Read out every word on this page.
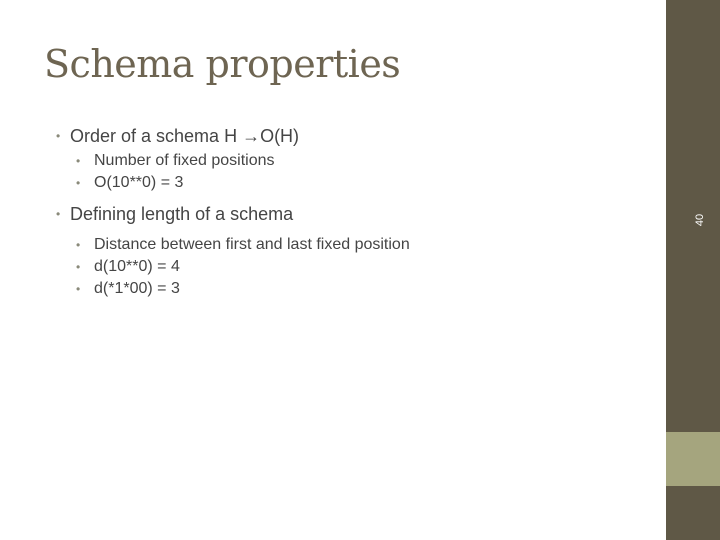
Schema properties
• Order of a schema H →O(H)
• Number of fixed positions
• O(10**0) = 3
• Defining length of a schema
• Distance between first and last fixed position
• d(10**0) = 4
• d(*1*00) = 3
40
